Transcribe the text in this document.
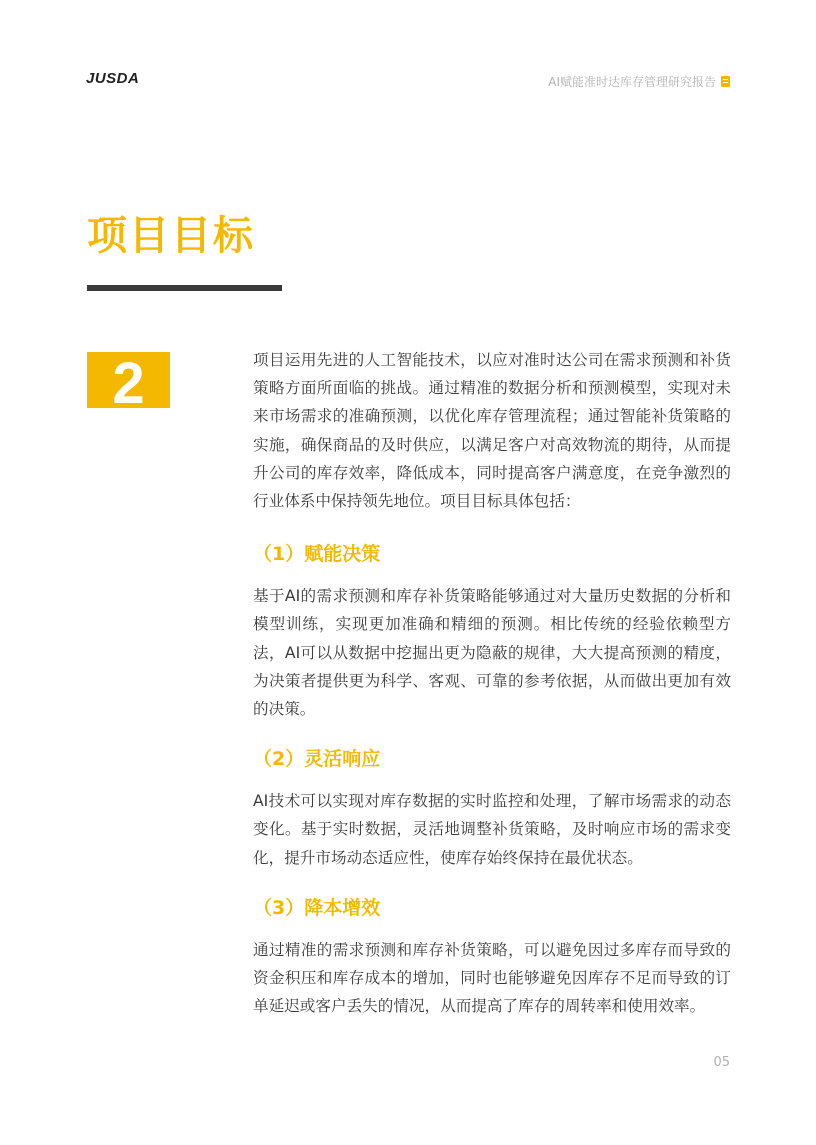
JUSDA	AI赋能准时达库存管理研究报告
项目目标
2	项目运用先进的人工智能技术，以应对准时达公司在需求预测和补货策略方面所面临的挑战。通过精准的数据分析和预测模型，实现对未来市场需求的准确预测，以优化库存管理流程；通过智能补货策略的实施，确保商品的及时供应，以满足客户对高效物流的期待，从而提升公司的库存效率，降低成本，同时提高客户满意度，在竞争激烈的行业体系中保持领先地位。项目目标具体包括：

（1）赋能决策

基于AI的需求预测和库存补货策略能够通过对大量历史数据的分析和模型训练，实现更加准确和精细的预测。相比传统的经验依赖型方法，AI可以从数据中挖掘出更为隐蔽的规律，大大提高预测的精度，为决策者提供更为科学、客观、可靠的参考依据，从而做出更加有效的决策。

（2）灵活响应

AI技术可以实现对库存数据的实时监控和处理，了解市场需求的动态变化。基于实时数据，灵活地调整补货策略，及时响应市场的需求变化，提升市场动态适应性，使库存始终保持在最优状态。

（3）降本增效

通过精准的需求预测和库存补货策略，可以避免因过多库存而导致的资金积压和库存成本的增加，同时也能够避免因库存不足而导致的订单延迟或客户丢失的情况，从而提高了库存的周转率和使用效率。

05
